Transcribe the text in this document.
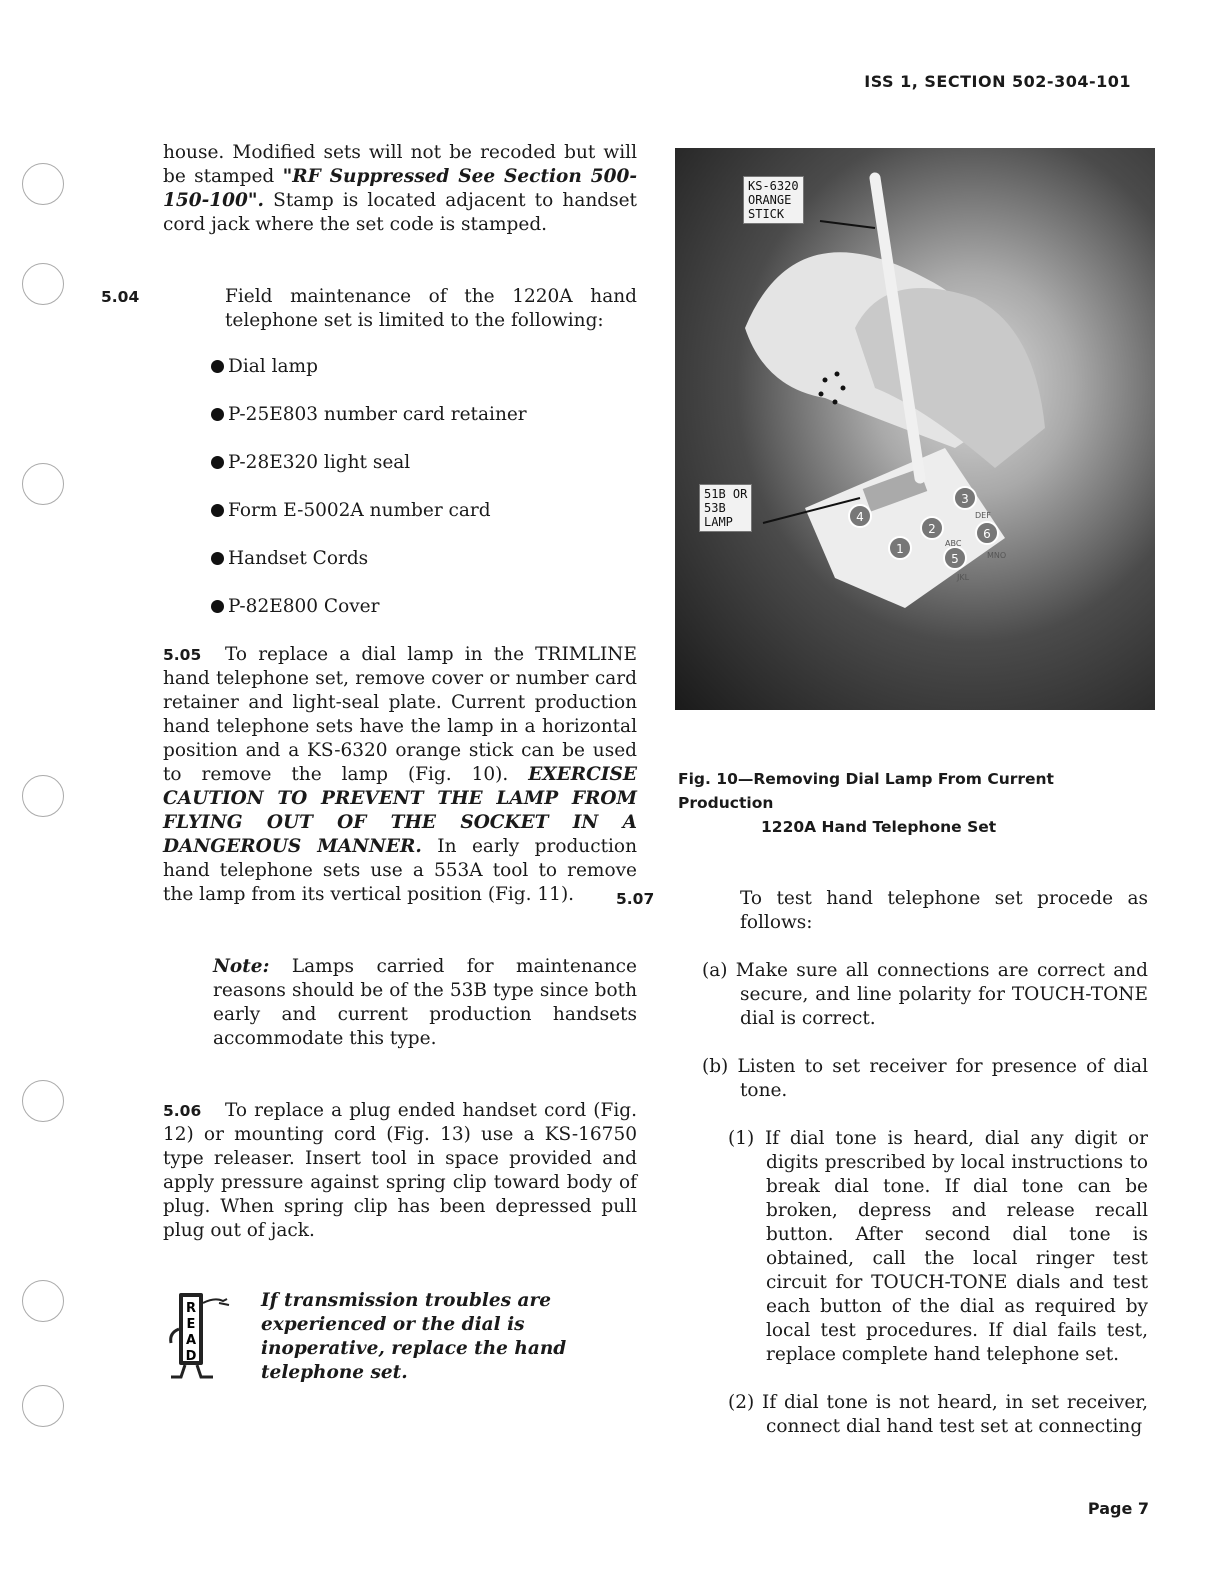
ISS 1, SECTION 502-304-101

house. Modified sets will not be recoded but will be stamped "RF Suppressed See Section 500-150-100". Stamp is located adjacent to handset cord jack where the set code is stamped.

5.04	Field maintenance of the 1220A hand telephone set is limited to the following:

Dial lamp
P-25E803 number card retainer
P-28E320 light seal
Form E-5002A number card
Handset Cords
P-82E800 Cover

5.05 To replace a dial lamp in the TRIMLINE hand telephone set, remove cover or number card retainer and light-seal plate. Current production hand telephone sets have the lamp in a horizontal position and a KS-6320 orange stick can be used to remove the lamp (Fig. 10). EXERCISE CAUTION TO PREVENT THE LAMP FROM FLYING OUT OF THE SOCKET IN A DANGEROUS MANNER. In early production hand telephone sets use a 553A tool to remove the lamp from its vertical position (Fig. 11).

Note: Lamps carried for maintenance reasons should be of the 53B type since both early and current production handsets accommodate this type.

5.06 To replace a plug ended handset cord (Fig. 12) or mounting cord (Fig. 13) use a KS-16750 type releaser. Insert tool in space provided and apply pressure against spring clip toward body of plug. When spring clip has been depressed pull plug out of jack.

R
E
A
D
If transmission troubles are experienced or the dial is inoperative, replace the hand telephone set.
1
2
3
4
5
6
ABC
DEF
JKL
MNO
KS-6320
ORANGE
STICK
51B OR
53B
LAMP
Fig. 10—Removing Dial Lamp From Current Production
1220A Hand Telephone Set

5.07	To test hand telephone set procede as follows:

(a) Make sure all connections are correct and secure, and line polarity for TOUCH-TONE dial is correct.

(b) Listen to set receiver for presence of dial tone.

(1) If dial tone is heard, dial any digit or digits prescribed by local instructions to break dial tone. If dial tone can be broken, depress and release recall button. After second dial tone is obtained, call the local ringer test circuit for TOUCH-TONE dials and test each button of the dial as required by local test procedures. If dial fails test, replace complete hand telephone set.

(2) If dial tone is not heard, in set receiver, connect dial hand test set at connecting

Page 7
